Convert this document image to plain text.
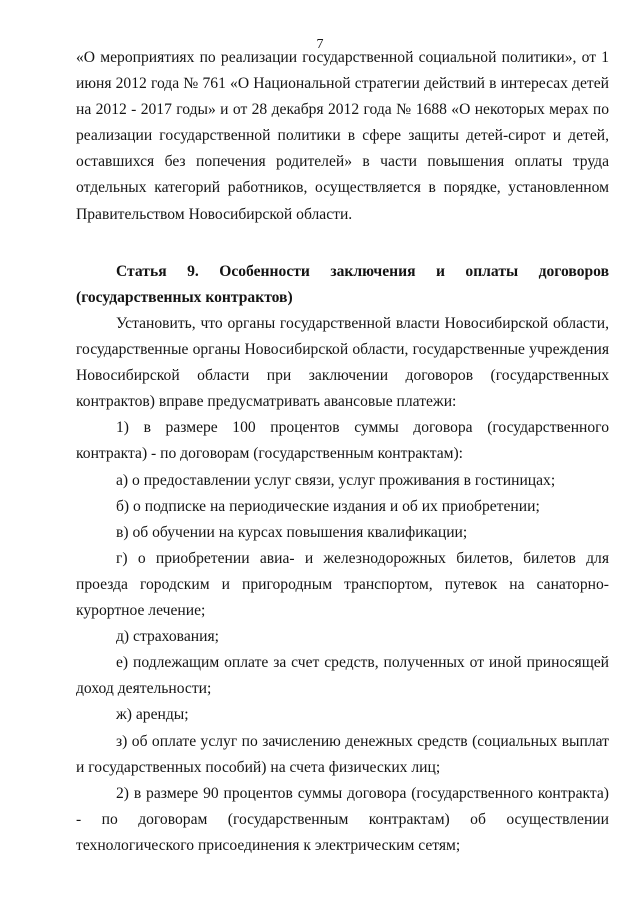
7

«О мероприятиях по реализации государственной социальной политики», от 1 июня 2012 года № 761 «О Национальной стратегии действий в интересах детей на 2012 - 2017 годы» и от 28 декабря 2012 года № 1688 «О некоторых мерах по реализации государственной политики в сфере защиты детей-сирот и детей, оставшихся без попечения родителей» в части повышения оплаты труда отдельных категорий работников, осуществляется в порядке, установленном Правительством Новосибирской области.

Статья 9. Особенности заключения и оплаты договоров (государственных контрактов)

Установить, что органы государственной власти Новосибирской области, государственные органы Новосибирской области, государственные учреждения Новосибирской области при заключении договоров (государственных контрактов) вправе предусматривать авансовые платежи:

1) в размере 100 процентов суммы договора (государственного контракта) - по договорам (государственным контрактам):

а) о предоставлении услуг связи, услуг проживания в гостиницах;

б) о подписке на периодические издания и об их приобретении;

в) об обучении на курсах повышения квалификации;

г) о приобретении авиа- и железнодорожных билетов, билетов для проезда городским и пригородным транспортом, путевок на санаторно-курортное лечение;

д) страхования;

е) подлежащим оплате за счет средств, полученных от иной приносящей доход деятельности;

ж) аренды;

з) об оплате услуг по зачислению денежных средств (социальных выплат и государственных пособий) на счета физических лиц;

2) в размере 90 процентов суммы договора (государственного контракта) - по договорам (государственным контрактам) об осуществлении технологического присоединения к электрическим сетям;
